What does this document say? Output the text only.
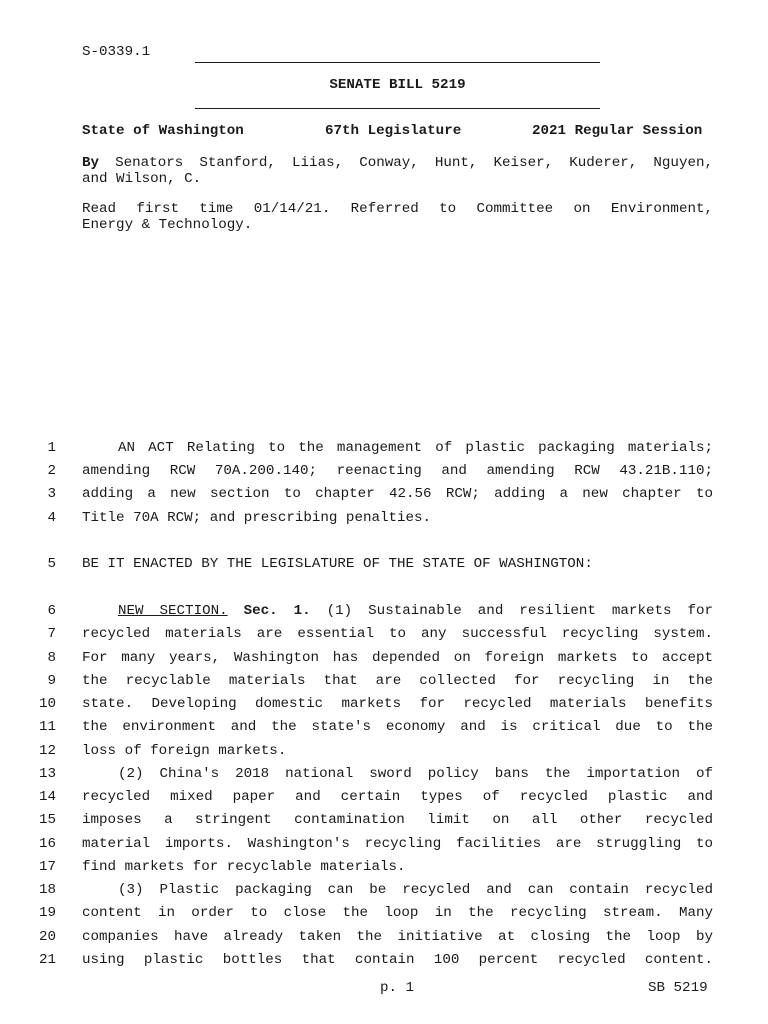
S-0339.1
SENATE BILL 5219
State of Washington	67th Legislature	2021 Regular Session
By Senators Stanford, Liias, Conway, Hunt, Keiser, Kuderer, Nguyen,
and Wilson, C.
Read first time 01/14/21. Referred to Committee on Environment,
Energy & Technology.
1
2
3
4
5
6
7
8
9
10
11
12
13
14
15
16
17
18
19
20
21
AN ACT Relating to the management of plastic packaging materials;
amending RCW 70A.200.140; reenacting and amending RCW 43.21B.110;
adding a new section to chapter 42.56 RCW; adding a new chapter to
Title 70A RCW; and prescribing penalties.
BE IT ENACTED BY THE LEGISLATURE OF THE STATE OF WASHINGTON:
NEW SECTION. Sec. 1. (1) Sustainable and resilient markets for
recycled materials are essential to any successful recycling system.
For many years, Washington has depended on foreign markets to accept
the recyclable materials that are collected for recycling in the
state. Developing domestic markets for recycled materials benefits
the environment and the state's economy and is critical due to the
loss of foreign markets.
(2) China's 2018 national sword policy bans the importation of
recycled mixed paper and certain types of recycled plastic and
imposes a stringent contamination limit on all other recycled
material imports. Washington's recycling facilities are struggling to
find markets for recyclable materials.
(3) Plastic packaging can be recycled and can contain recycled
content in order to close the loop in the recycling stream. Many
companies have already taken the initiative at closing the loop by
using plastic bottles that contain 100 percent recycled content.
p. 1	SB 5219
